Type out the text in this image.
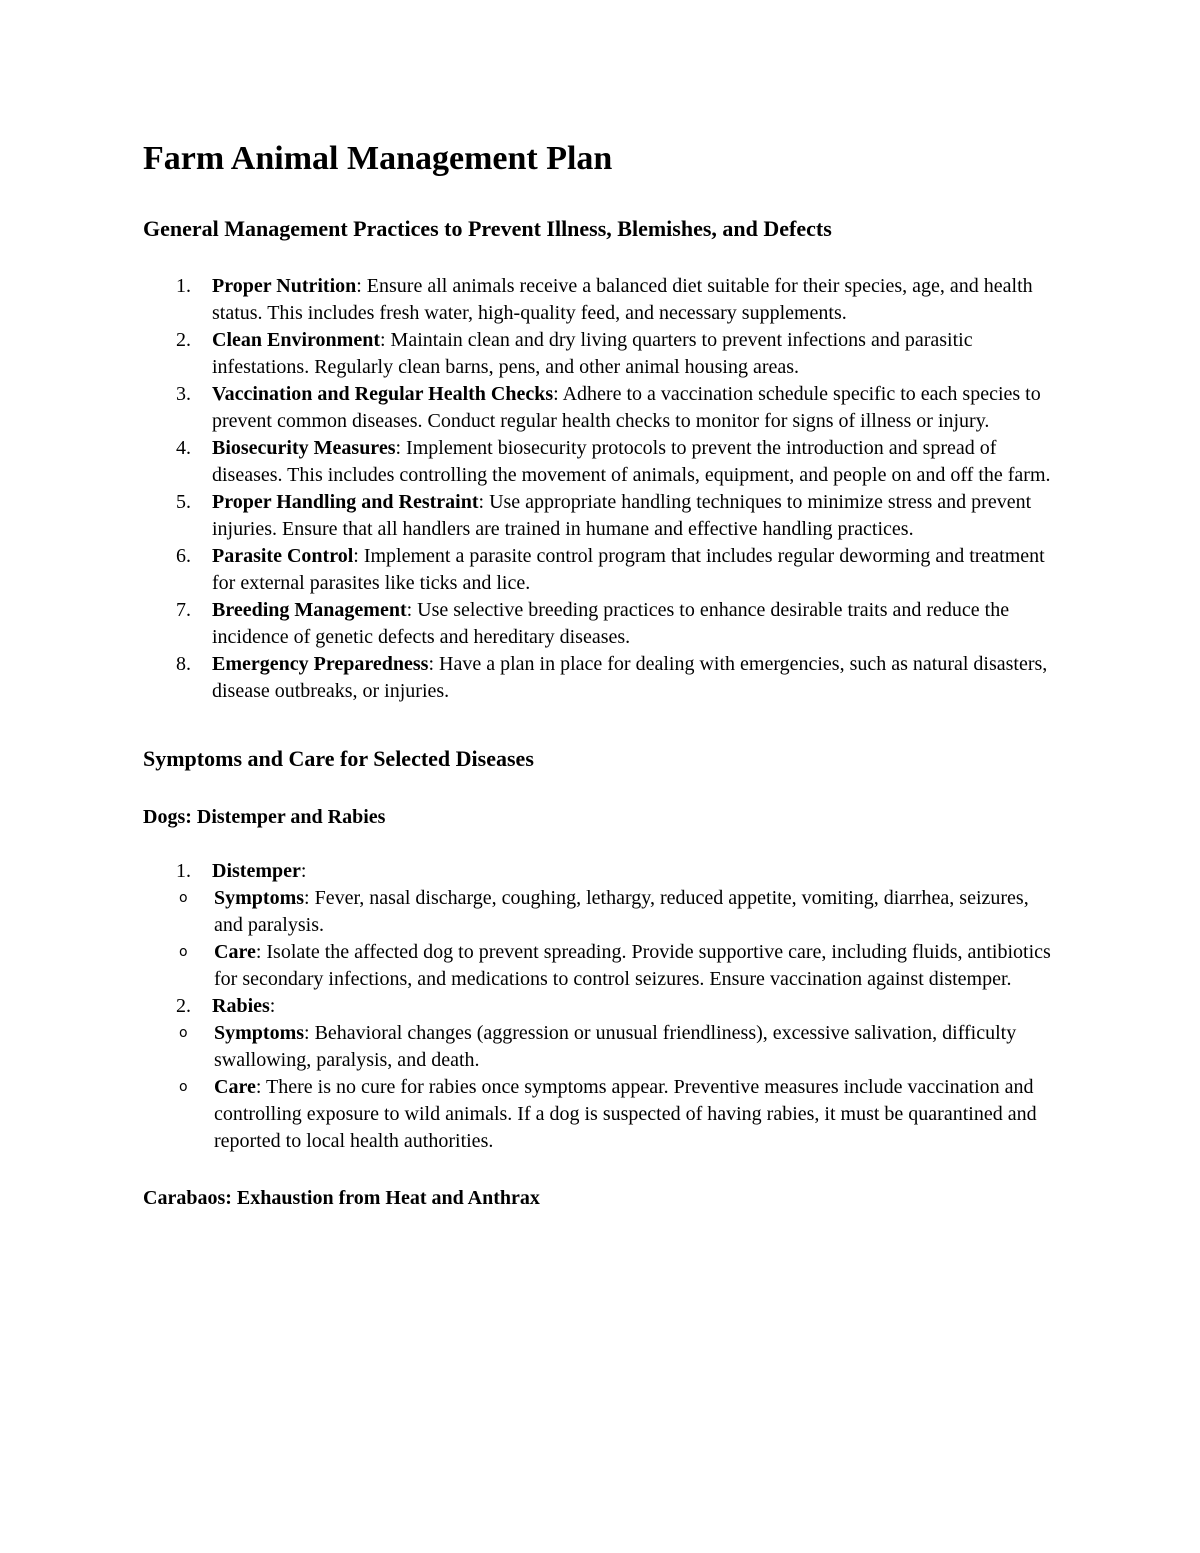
Farm Animal Management Plan
General Management Practices to Prevent Illness, Blemishes, and Defects
1. Proper Nutrition: Ensure all animals receive a balanced diet suitable for their species, age, and health status. This includes fresh water, high-quality feed, and necessary supplements.
2. Clean Environment: Maintain clean and dry living quarters to prevent infections and parasitic infestations. Regularly clean barns, pens, and other animal housing areas.
3. Vaccination and Regular Health Checks: Adhere to a vaccination schedule specific to each species to prevent common diseases. Conduct regular health checks to monitor for signs of illness or injury.
4. Biosecurity Measures: Implement biosecurity protocols to prevent the introduction and spread of diseases. This includes controlling the movement of animals, equipment, and people on and off the farm.
5. Proper Handling and Restraint: Use appropriate handling techniques to minimize stress and prevent injuries. Ensure that all handlers are trained in humane and effective handling practices.
6. Parasite Control: Implement a parasite control program that includes regular deworming and treatment for external parasites like ticks and lice.
7. Breeding Management: Use selective breeding practices to enhance desirable traits and reduce the incidence of genetic defects and hereditary diseases.
8. Emergency Preparedness: Have a plan in place for dealing with emergencies, such as natural disasters, disease outbreaks, or injuries.
Symptoms and Care for Selected Diseases
Dogs: Distemper and Rabies
1. Distemper:
o Symptoms: Fever, nasal discharge, coughing, lethargy, reduced appetite, vomiting, diarrhea, seizures, and paralysis.
o Care: Isolate the affected dog to prevent spreading. Provide supportive care, including fluids, antibiotics for secondary infections, and medications to control seizures. Ensure vaccination against distemper.
2. Rabies:
o Symptoms: Behavioral changes (aggression or unusual friendliness), excessive salivation, difficulty swallowing, paralysis, and death.
o Care: There is no cure for rabies once symptoms appear. Preventive measures include vaccination and controlling exposure to wild animals. If a dog is suspected of having rabies, it must be quarantined and reported to local health authorities.
Carabaos: Exhaustion from Heat and Anthrax
